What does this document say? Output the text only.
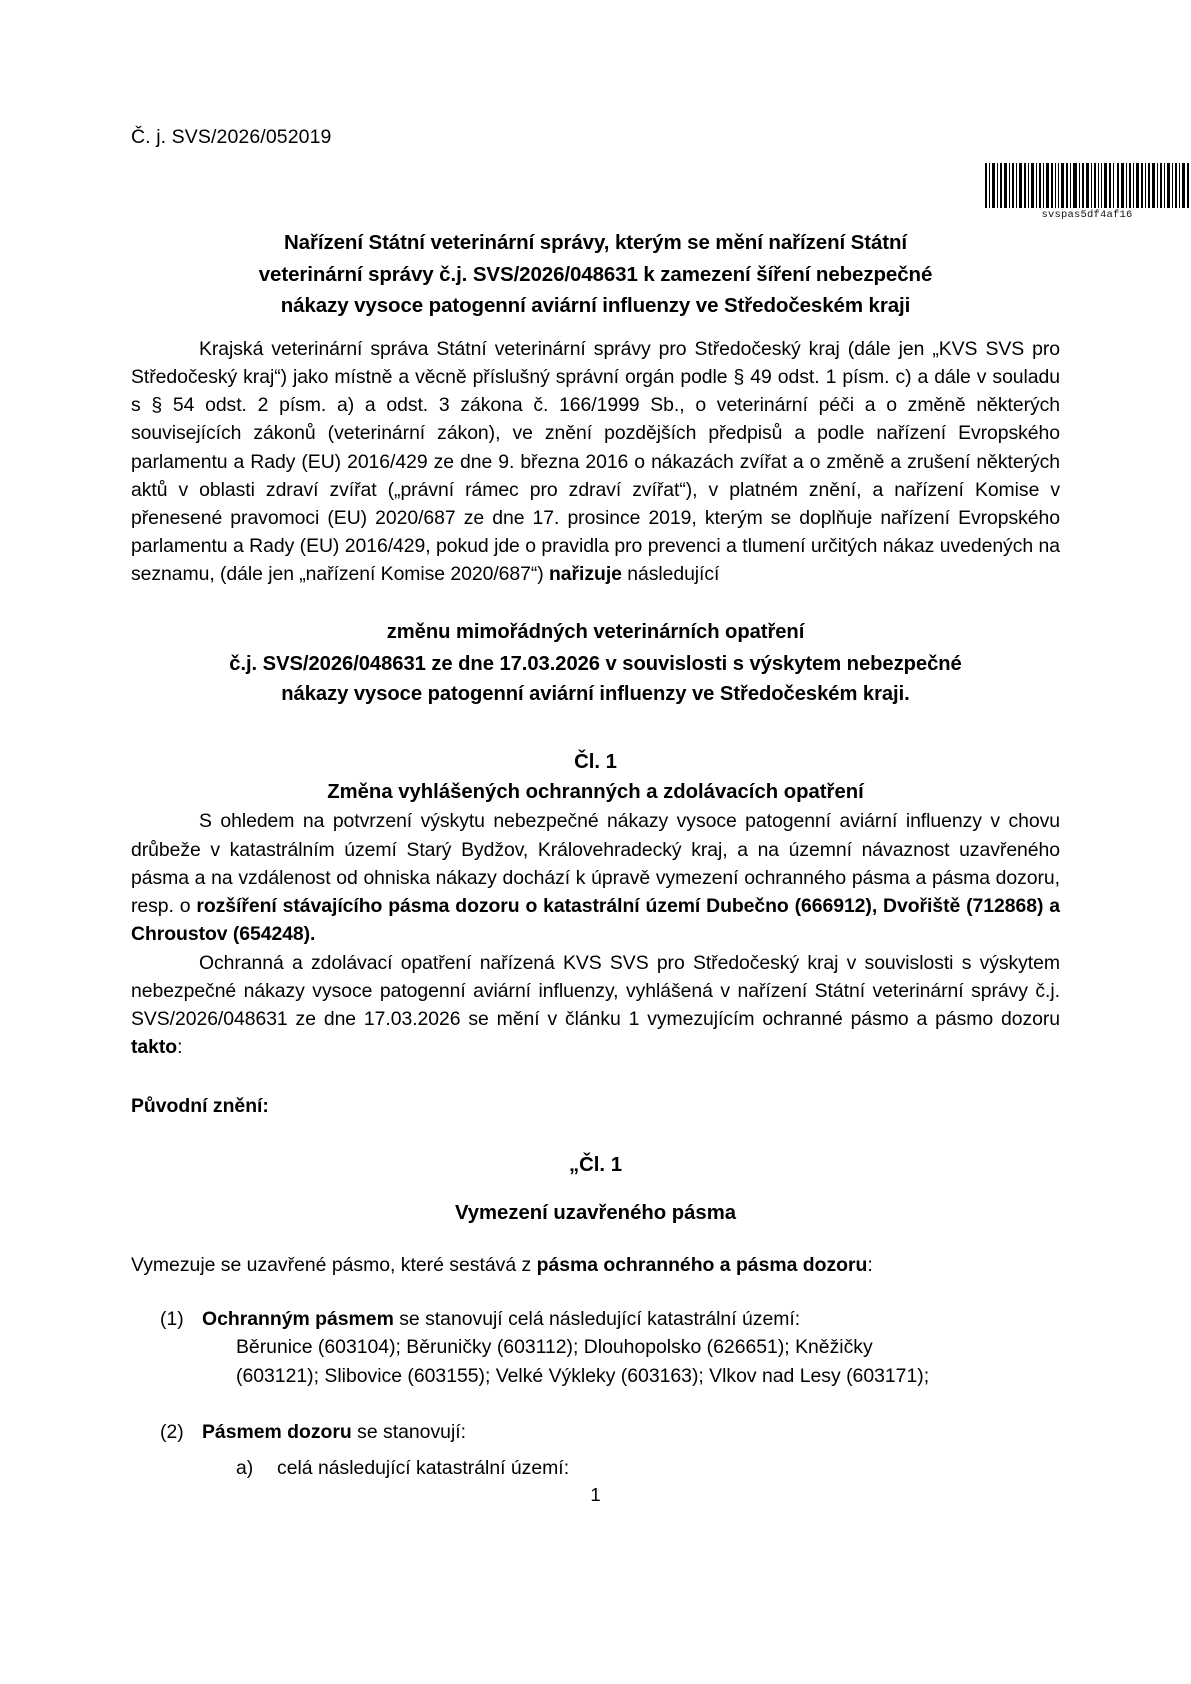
Č. j. SVS/2026/052019
Nařízení Státní veterinární správy, kterým se mění nařízení Státní
veterinární správy č.j. SVS/2026/048631 k zamezení šíření nebezpečné
nákazy vysoce patogenní aviární influenzy ve Středočeském kraji

Krajská veterinární správa Státní veterinární správy pro Středočeský kraj (dále jen „KVS SVS pro Středočeský kraj“) jako místně a věcně příslušný správní orgán podle § 49 odst. 1 písm. c) a dále v souladu s § 54 odst. 2 písm. a) a odst. 3 zákona č. 166/1999 Sb., o veterinární péči a o změně některých souvisejících zákonů (veterinární zákon), ve znění pozdějších předpisů a podle nařízení Evropského parlamentu a Rady (EU) 2016/429 ze dne 9. března 2016 o nákazách zvířat a o změně a zrušení některých aktů v oblasti zdraví zvířat („právní rámec pro zdraví zvířat“), v platném znění, a nařízení Komise v přenesené pravomoci (EU) 2020/687 ze dne 17. prosince 2019, kterým se doplňuje nařízení Evropského parlamentu a Rady (EU) 2016/429, pokud jde o pravidla pro prevenci a tlumení určitých nákaz uvedených na seznamu, (dále jen „nařízení Komise 2020/687“) nařizuje následující

změnu mimořádných veterinárních opatření
č.j. SVS/2026/048631 ze dne 17.03.2026 v souvislosti s výskytem nebezpečné
nákazy vysoce patogenní aviární influenzy ve Středočeském kraji.
Čl. 1
Změna vyhlášených ochranných a zdolávacích opatření

S ohledem na potvrzení výskytu nebezpečné nákazy vysoce patogenní aviární influenzy v chovu drůbeže v katastrálním území Starý Bydžov, Královehradecký kraj, a na územní návaznost uzavřeného pásma a na vzdálenost od ohniska nákazy dochází k úpravě vymezení ochranného pásma a pásma dozoru, resp. o rozšíření stávajícího pásma dozoru o katastrální území Dubečno (666912), Dvořiště (712868) a Chroustov (654248).

Ochranná a zdolávací opatření nařízená KVS SVS pro Středočeský kraj v souvislosti s výskytem nebezpečné nákazy vysoce patogenní aviární influenzy, vyhlášená v nařízení Státní veterinární správy č.j. SVS/2026/048631 ze dne 17.03.2026 se mění v článku 1 vymezujícím ochranné pásmo a pásmo dozoru takto:

Původní znění:
„Čl. 1
Vymezení uzavřeného pásma
Vymezuje se uzavřené pásmo, které sestává z pásma ochranného a pásma dozoru:
(1) Ochranným pásmem se stanovují celá následující katastrální území:
Běrunice (603104); Běruničky (603112); Dlouhopolsko (626651); Kněžičky
(603121); Slibovice (603155); Velké Výkleky (603163); Vlkov nad Lesy (603171);
(2) Pásmem dozoru se stanovují:
a)	celá následující katastrální území:
svspas5df4af16
1
